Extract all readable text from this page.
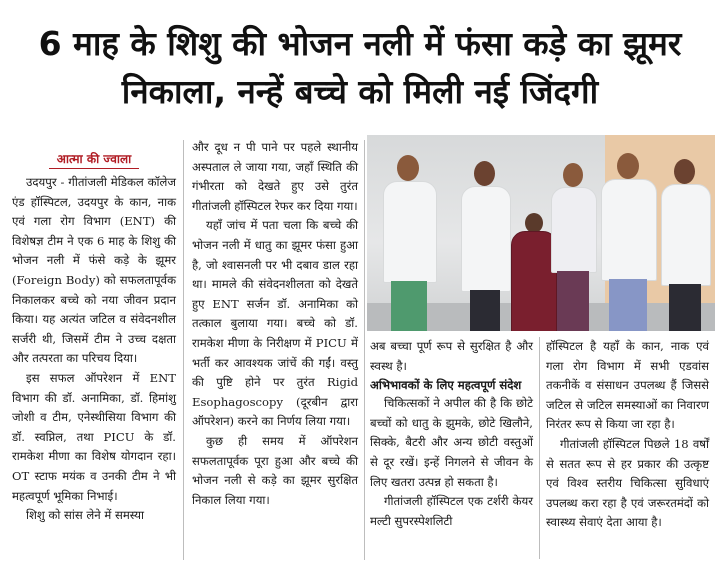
6 माह के शिशु की भोजन नली में फंसा कड़े का झूमर
निकाला, नन्हें बच्चे को मिली नई जिंदगी
आत्मा की ज्वाला

उदयपुर - गीतांजली मेडिकल कॉलेज एंड हॉस्पिटल, उदयपुर के कान, नाक एवं गला रोग विभाग (ENT) की विशेषज्ञ टीम ने एक 6 माह के शिशु की भोजन नली में फंसे कड़े के झूमर (Foreign Body) को सफलतापूर्वक निकालकर बच्चे को नया जीवन प्रदान किया। यह अत्यंत जटिल व संवेदनशील सर्जरी थी, जिसमें टीम ने उच्च दक्षता और तत्परता का परिचय दिया।

इस सफल ऑपरेशन में ENT विभाग की डॉ. अनामिका, डॉ. हिमांशु जोशी व टीम, एनेस्थीसिया विभाग की डॉ. स्वप्निल, तथा PICU के डॉ. रामकेश मीणा का विशेष योगदान रहा। OT स्टाफ मयंक व उनकी टीम ने भी महत्वपूर्ण भूमिका निभाई।

शिशु को सांस लेने में समस्या

और दूध न पी पाने पर पहले स्थानीय अस्पताल ले जाया गया, जहाँ स्थिति की गंभीरता को देखते हुए उसे तुरंत गीतांजली हॉस्पिटल रेफर कर दिया गया।

यहाँ जांच में पता चला कि बच्चे की भोजन नली में धातु का झूमर फंसा हुआ है, जो श्वासनली पर भी दबाव डाल रहा था। मामले की संवेदनशीलता को देखते हुए ENT सर्जन डॉ. अनामिका को तत्काल बुलाया गया। बच्चे को डॉ. रामकेश मीणा के निरीक्षण में PICU में भर्ती कर आवश्यक जांचें की गईं। वस्तु की पुष्टि होने पर तुरंत Rigid Esophagoscopy (दूरबीन द्वारा ऑपरेशन) करने का निर्णय लिया गया।

कुछ ही समय में ऑपरेशन सफलतापूर्वक पूरा हुआ और बच्चे की भोजन नली से कड़े का झूमर सुरक्षित निकाल लिया गया।

अब बच्चा पूर्ण रूप से सुरक्षित है और स्वस्थ है।

अभिभावकों के लिए महत्वपूर्ण संदेश

चिकित्सकों ने अपील की है कि छोटे बच्चों को धातु के झुमके, छोटे खिलौने, सिक्के, बैटरी और अन्य छोटी वस्तुओं से दूर रखें। इन्हें निगलने से जीवन के लिए खतरा उत्पन्न हो सकता है।

गीतांजली हॉस्पिटल एक टर्शरी केयर मल्टी सुपरस्पेशलिटी

हॉस्पिटल है यहाँ के कान, नाक एवं गला रोग विभाग में सभी एडवांस तकनीकें व संसाधन उपलब्ध हैं जिससे जटिल से जटिल समस्याओं का निवारण निरंतर रूप से किया जा रहा है।

गीतांजली हॉस्पिटल पिछले 18 वर्षों से सतत रूप से हर प्रकार की उत्कृष्ट एवं विश्व स्तरीय चिकित्सा सुविधाएं उपलब्ध करा रहा है एवं जरूरतमंदों को स्वास्थ्य सेवाएं देता आया है।
